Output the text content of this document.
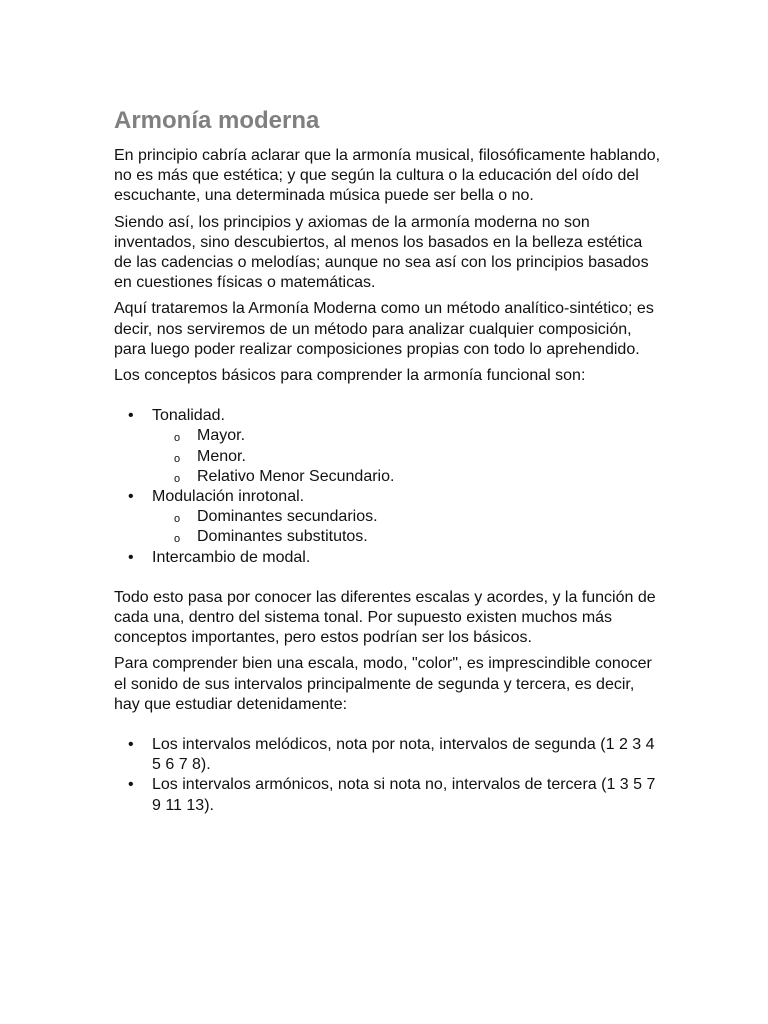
Armonía moderna

En principio cabría aclarar que la armonía musical, filosóficamente hablando, no es más que estética; y que según la cultura o la educación del oído del escuchante, una determinada música puede ser bella o no.

Siendo así, los principios y axiomas de la armonía moderna no son inventados, sino descubiertos, al menos los basados en la belleza estética de las cadencias o melodías; aunque no sea así con los principios basados en cuestiones físicas o matemáticas.

Aquí trataremos la Armonía Moderna como un método analítico-sintético; es decir, nos serviremos de un método para analizar cualquier composición, para luego poder realizar composiciones propias con todo lo aprehendido.

Los conceptos básicos para comprender la armonía funcional son:

• Tonalidad.
o Mayor.
o Menor.
o Relativo Menor Secundario.
• Modulación inrotonal.
o Dominantes secundarios.
o Dominantes substitutos.
• Intercambio de modal.

Todo esto pasa por conocer las diferentes escalas y acordes, y la función de cada una, dentro del sistema tonal. Por supuesto existen muchos más conceptos importantes, pero estos podrían ser los básicos.

Para comprender bien una escala, modo, "color", es imprescindible conocer el sonido de sus intervalos principalmente de segunda y tercera, es decir, hay que estudiar detenidamente:

• Los intervalos melódicos, nota por nota, intervalos de segunda (1 2 3 4 5 6 7 8).
• Los intervalos armónicos, nota si nota no, intervalos de tercera (1 3 5 7 9 11 13).
